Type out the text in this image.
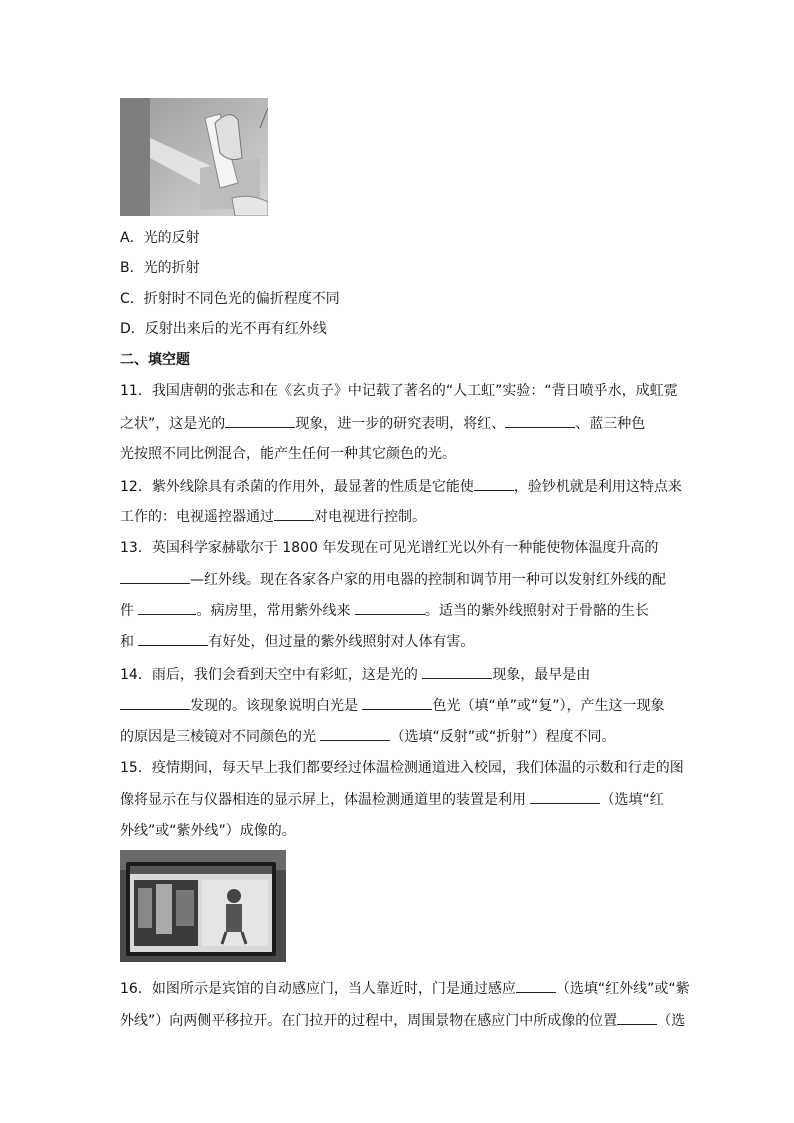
A．光的反射
B．光的折射
C．折射时不同色光的偏折程度不同
D．反射出来后的光不再有红外线
二、填空题
11．我国唐朝的张志和在《玄贞子》中记载了著名的“人工虹”实验：“背日喷乎水，成虹霓
之状”，这是光的	现象，进一步的研究表明，将红、	、蓝三种色
光按照不同比例混合，能产生任何一种其它颜色的光。
12．紫外线除具有杀菌的作用外，最显著的性质是它能使	，验钞机就是利用这特点来
工作的：电视遥控器通过	对电视进行控制。
13．英国科学家赫歇尔于 1800 年发现在可见光谱红光以外有一种能使物体温度升高的
—红外线。现在各家各户家的用电器的控制和调节用一种可以发射红外线的配
件	。病房里，常用紫外线来	。适当的紫外线照射对于骨骼的生长
和	有好处，但过量的紫外线照射对人体有害。
14．雨后，我们会看到天空中有彩虹，这是光的	现象，最早是由
发现的。该现象说明白光是	色光（填“单”或“复”），产生这一现象
的原因是三棱镜对不同颜色的光	（选填“反射”或“折射”）程度不同。
15．疫情期间，每天早上我们都要经过体温检测通道进入校园，我们体温的示数和行走的图
像将显示在与仪器相连的显示屏上，体温检测通道里的装置是利用	（选填“红
外线”或“紫外线”）成像的。
16．如图所示是宾馆的自动感应门，当人靠近时，门是通过感应	（选填“红外线”或“紫
外线”）向两侧平移拉开。在门拉开的过程中，周围景物在感应门中所成像的位置	（选
